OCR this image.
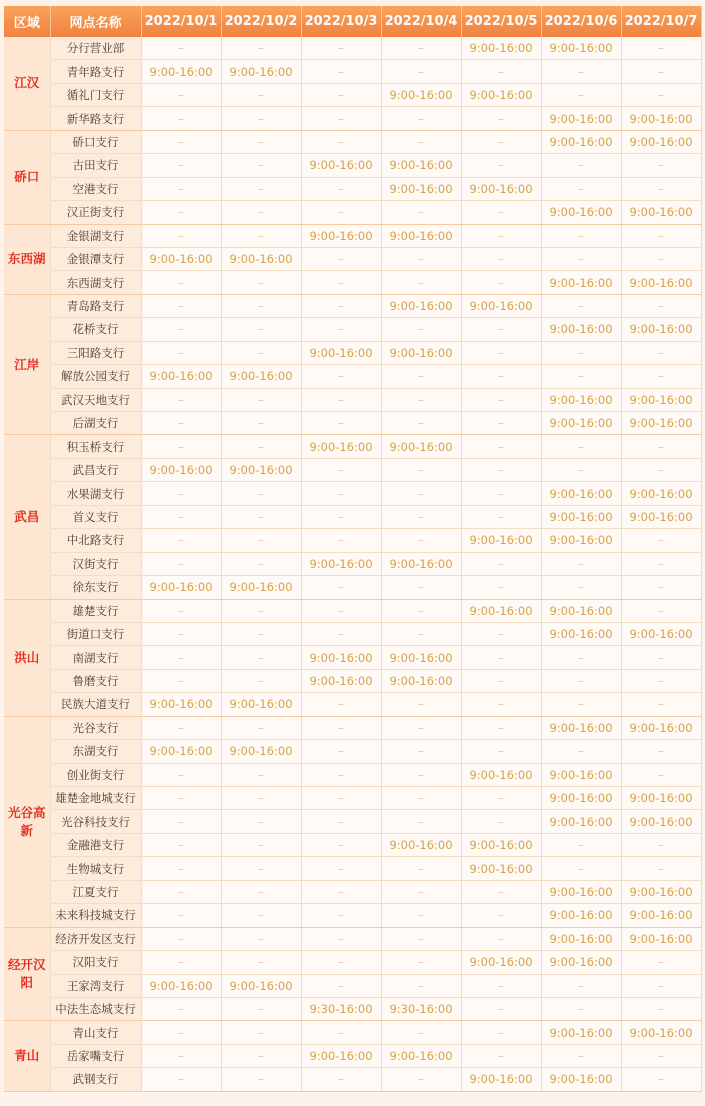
区域	网点名称	2022/10/1	2022/10/2	2022/10/3	2022/10/4	2022/10/5	2022/10/6	2022/10/7
江汉	分行营业部	–	–	–	–	9:00-16:00	9:00-16:00	–
	青年路支行	9:00-16:00	9:00-16:00	–	–	–	–	–
	循礼门支行	–	–	–	9:00-16:00	9:00-16:00	–	–
	新华路支行	–	–	–	–	–	9:00-16:00	9:00-16:00
硚口	硚口支行	–	–	–	–	–	9:00-16:00	9:00-16:00
	古田支行	–	–	9:00-16:00	9:00-16:00	–	–	–
	空港支行	–	–	–	9:00-16:00	9:00-16:00	–	–
	汉正街支行	–	–	–	–	–	9:00-16:00	9:00-16:00
东西湖	金银湖支行	–	–	9:00-16:00	9:00-16:00	–	–	–
	金银潭支行	9:00-16:00	9:00-16:00	–	–	–	–	–
	东西湖支行	–	–	–	–	–	9:00-16:00	9:00-16:00
江岸	青岛路支行	–	–	–	9:00-16:00	9:00-16:00	–	–
	花桥支行	–	–	–	–	–	9:00-16:00	9:00-16:00
	三阳路支行	–	–	9:00-16:00	9:00-16:00	–	–	–
	解放公园支行	9:00-16:00	9:00-16:00	–	–	–	–	–
	武汉天地支行	–	–	–	–	–	9:00-16:00	9:00-16:00
	后湖支行	–	–	–	–	–	9:00-16:00	9:00-16:00
武昌	积玉桥支行	–	–	9:00-16:00	9:00-16:00	–	–	–
	武昌支行	9:00-16:00	9:00-16:00	–	–	–	–	–
	水果湖支行	–	–	–	–	–	9:00-16:00	9:00-16:00
	首义支行	–	–	–	–	–	9:00-16:00	9:00-16:00
	中北路支行	–	–	–	–	9:00-16:00	9:00-16:00	–
	汉街支行	–	–	9:00-16:00	9:00-16:00	–	–	–
	徐东支行	9:00-16:00	9:00-16:00	–	–	–	–	–
洪山	雄楚支行	–	–	–	–	9:00-16:00	9:00-16:00	–
	街道口支行	–	–	–	–	–	9:00-16:00	9:00-16:00
	南湖支行	–	–	9:00-16:00	9:00-16:00	–	–	–
	鲁磨支行	–	–	9:00-16:00	9:00-16:00	–	–	–
	民族大道支行	9:00-16:00	9:00-16:00	–	–	–	–	–
光谷高新	光谷支行	–	–	–	–	–	9:00-16:00	9:00-16:00
	东湖支行	9:00-16:00	9:00-16:00	–	–	–	–	–
	创业街支行	–	–	–	–	9:00-16:00	9:00-16:00	–
	雄楚金地城支行	–	–	–	–	–	9:00-16:00	9:00-16:00
	光谷科技支行	–	–	–	–	–	9:00-16:00	9:00-16:00
	金融港支行	–	–	–	9:00-16:00	9:00-16:00	–	–
	生物城支行	–	–	–	–	9:00-16:00	–	–
	江夏支行	–	–	–	–	–	9:00-16:00	9:00-16:00
	未来科技城支行	–	–	–	–	–	9:00-16:00	9:00-16:00
经开汉阳	经济开发区支行	–	–	–	–	–	9:00-16:00	9:00-16:00
	汉阳支行	–	–	–	–	9:00-16:00	9:00-16:00	–
	王家湾支行	9:00-16:00	9:00-16:00	–	–	–	–	–
	中法生态城支行	–	–	9:30-16:00	9:30-16:00	–	–	–
青山	青山支行	–	–	–	–	–	9:00-16:00	9:00-16:00
	岳家嘴支行	–	–	9:00-16:00	9:00-16:00	–	–	–
	武钢支行	–	–	–	–	9:00-16:00	9:00-16:00	–
